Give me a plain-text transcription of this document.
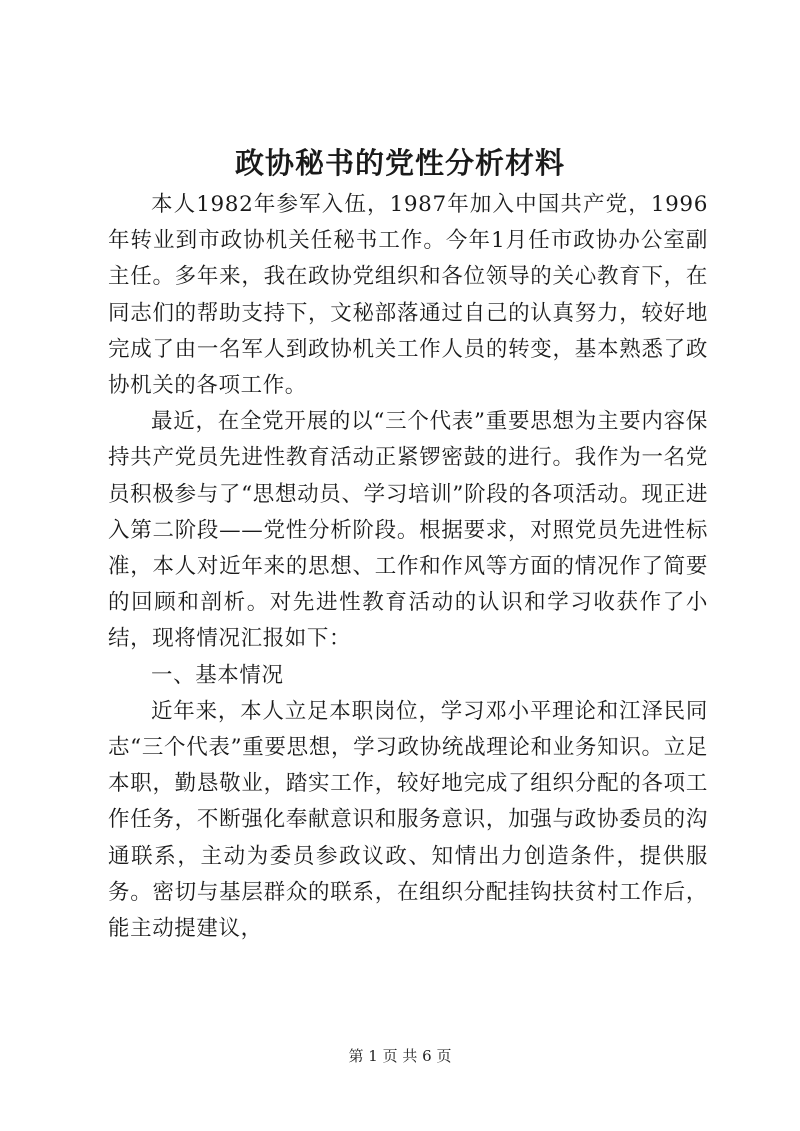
政协秘书的党性分析材料

本人1982年参军入伍，1987年加入中国共产党，1996年转业到市政协机关任秘书工作。今年1月任市政协办公室副主任。多年来，我在政协党组织和各位领导的关心教育下，在同志们的帮助支持下，文秘部落通过自己的认真努力，较好地完成了由一名军人到政协机关工作人员的转变，基本熟悉了政协机关的各项工作。

最近，在全党开展的以“三个代表”重要思想为主要内容保持共产党员先进性教育活动正紧锣密鼓的进行。我作为一名党员积极参与了“思想动员、学习培训”阶段的各项活动。现正进入第二阶段——党性分析阶段。根据要求，对照党员先进性标准，本人对近年来的思想、工作和作风等方面的情况作了简要的回顾和剖析。对先进性教育活动的认识和学习收获作了小结，现将情况汇报如下：

一、基本情况

近年来，本人立足本职岗位，学习邓小平理论和江泽民同志“三个代表”重要思想，学习政协统战理论和业务知识。立足本职，勤恳敬业，踏实工作，较好地完成了组织分配的各项工作任务，不断强化奉献意识和服务意识，加强与政协委员的沟通联系，主动为委员参政议政、知情出力创造条件，提供服务。密切与基层群众的联系，在组织分配挂钩扶贫村工作后，能主动提建议，

第 1 页 共 6 页
